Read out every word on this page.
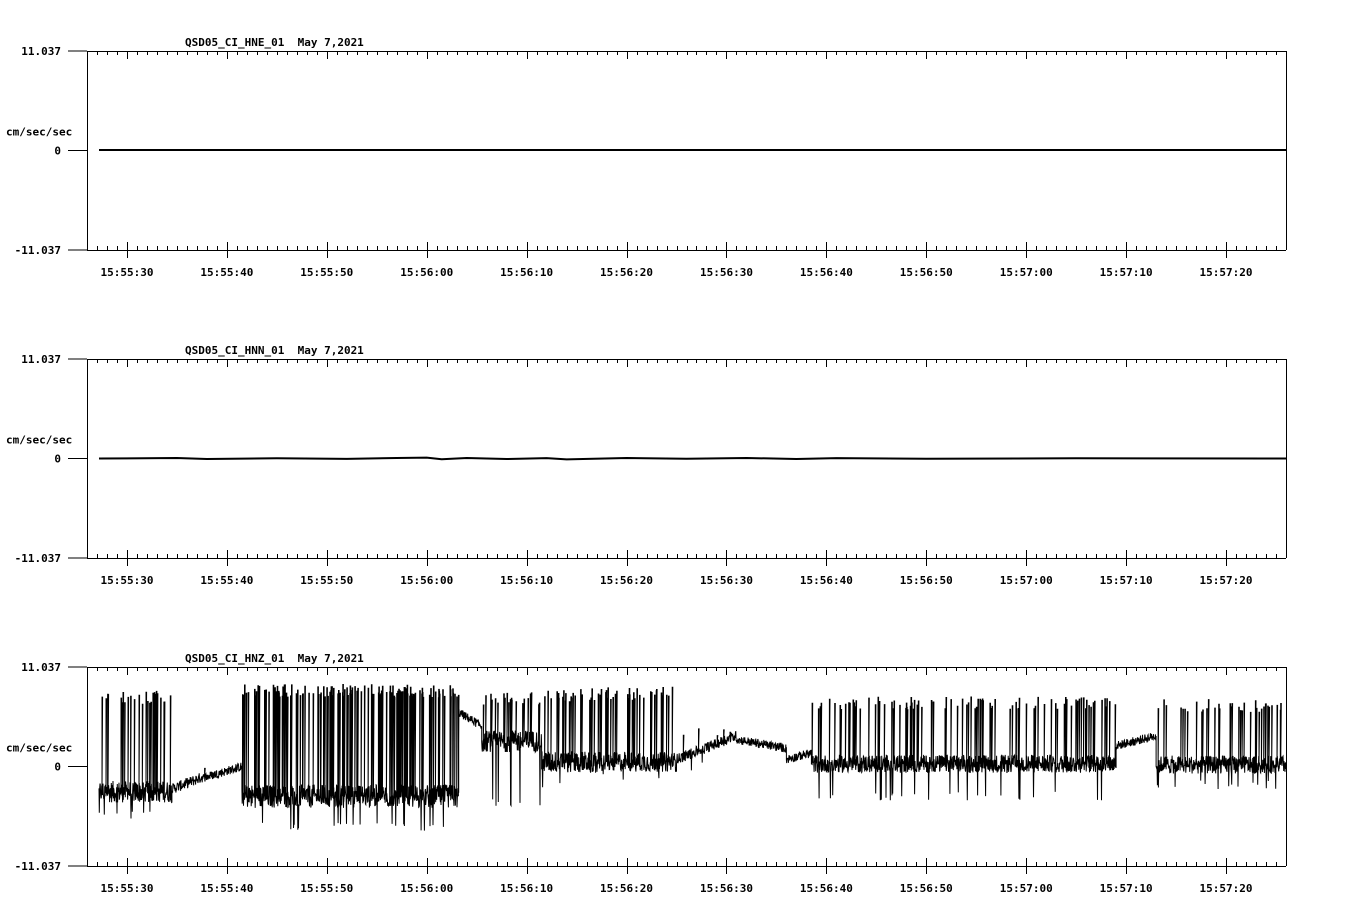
QSD05_CI_HNE_01  May 7,2021
cm/sec/sec
11.037
0
-11.037
15:55:30	15:55:40	15:55:50	15:56:00	15:56:10	15:56:20	15:56:30	15:56:40	15:56:50	15:57:00	15:57:10	15:57:20
QSD05_CI_HNN_01  May 7,2021
cm/sec/sec
11.037
0
-11.037
15:55:30	15:55:40	15:55:50	15:56:00	15:56:10	15:56:20	15:56:30	15:56:40	15:56:50	15:57:00	15:57:10	15:57:20
QSD05_CI_HNZ_01  May 7,2021
cm/sec/sec
11.037
0
-11.037
15:55:30	15:55:40	15:55:50	15:56:00	15:56:10	15:56:20	15:56:30	15:56:40	15:56:50	15:57:00	15:57:10	15:57:20
